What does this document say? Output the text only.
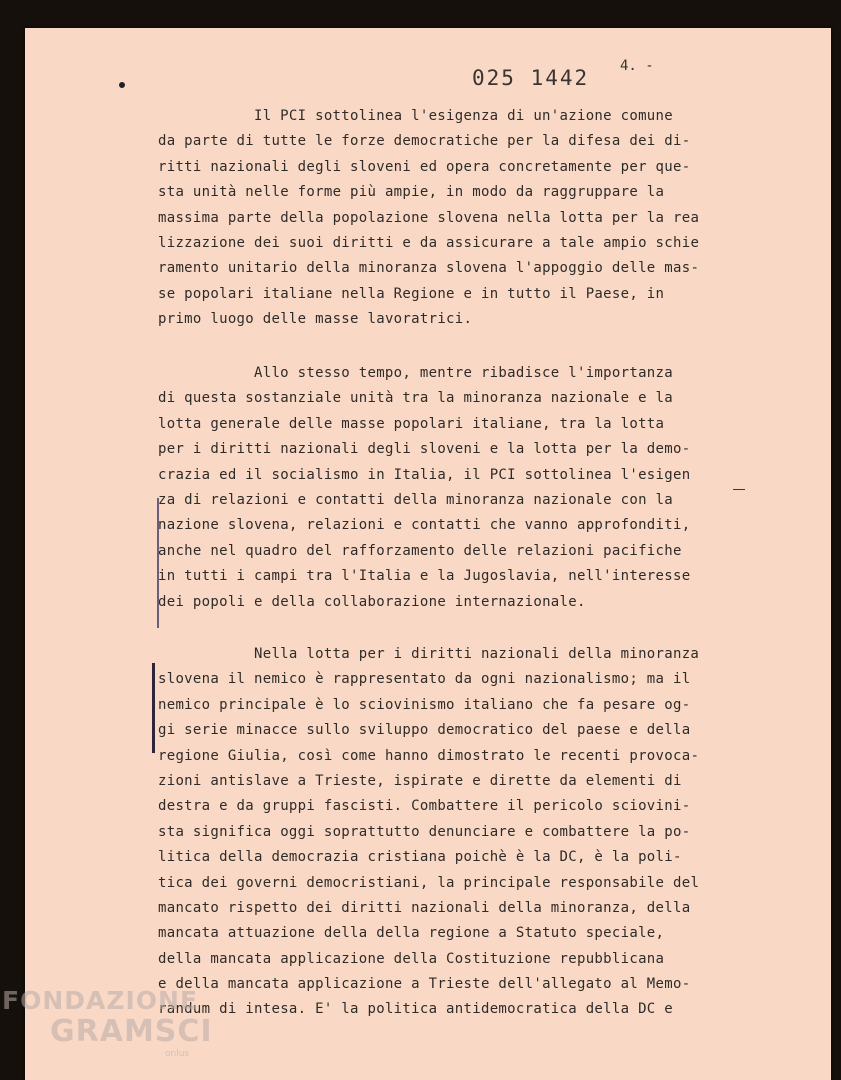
025 1442 4. -
Il PCI sottolinea l'esigenza di un'azione comune
da parte di tutte le forze democratiche per la difesa dei di-
ritti nazionali degli sloveni ed opera concretamente per que-
sta unità nelle forme più ampie, in modo da raggruppare la
massima parte della popolazione slovena nella lotta per la rea
lizzazione dei suoi diritti e da assicurare a tale ampio schie
ramento unitario della minoranza slovena l'appoggio delle mas-
se popolari italiane nella Regione e in tutto il Paese, in
primo luogo delle masse lavoratrici.
Allo stesso tempo, mentre ribadisce l'importanza
di questa sostanziale unità tra la minoranza nazionale e la
lotta generale delle masse popolari italiane, tra la lotta
per i diritti nazionali degli sloveni e la lotta per la demo-
crazia ed il socialismo in Italia, il PCI sottolinea l'esigen
za di relazioni e contatti della minoranza nazionale con la
nazione slovena, relazioni e contatti che vanno approfonditi,
anche nel quadro del rafforzamento delle relazioni pacifiche
in tutti i campi tra l'Italia e la Jugoslavia, nell'interesse
dei popoli e della collaborazione internazionale.
Nella lotta per i diritti nazionali della minoranza
slovena il nemico è rappresentato da ogni nazionalismo; ma il
nemico principale è lo sciovinismo italiano che fa pesare og-
gi serie minacce sullo sviluppo democratico del paese e della
regione Giulia, così come hanno dimostrato le recenti provoca-
zioni antislave a Trieste, ispirate e dirette da elementi di
destra e da gruppi fascisti. Combattere il pericolo sciovini-
sta significa oggi soprattutto denunciare e combattere la po-
litica della democrazia cristiana poichè è la DC, è la poli-
tica dei governi democristiani, la principale responsabile del
mancato rispetto dei diritti nazionali della minoranza, della
mancata attuazione della della regione a Statuto speciale,
della mancata applicazione della Costituzione repubblicana
e della mancata applicazione a Trieste dell'allegato al Memo-
randum di intesa. E' la politica antidemocratica della DC e
FONDAZIONE
GRAMSCI
onlus
